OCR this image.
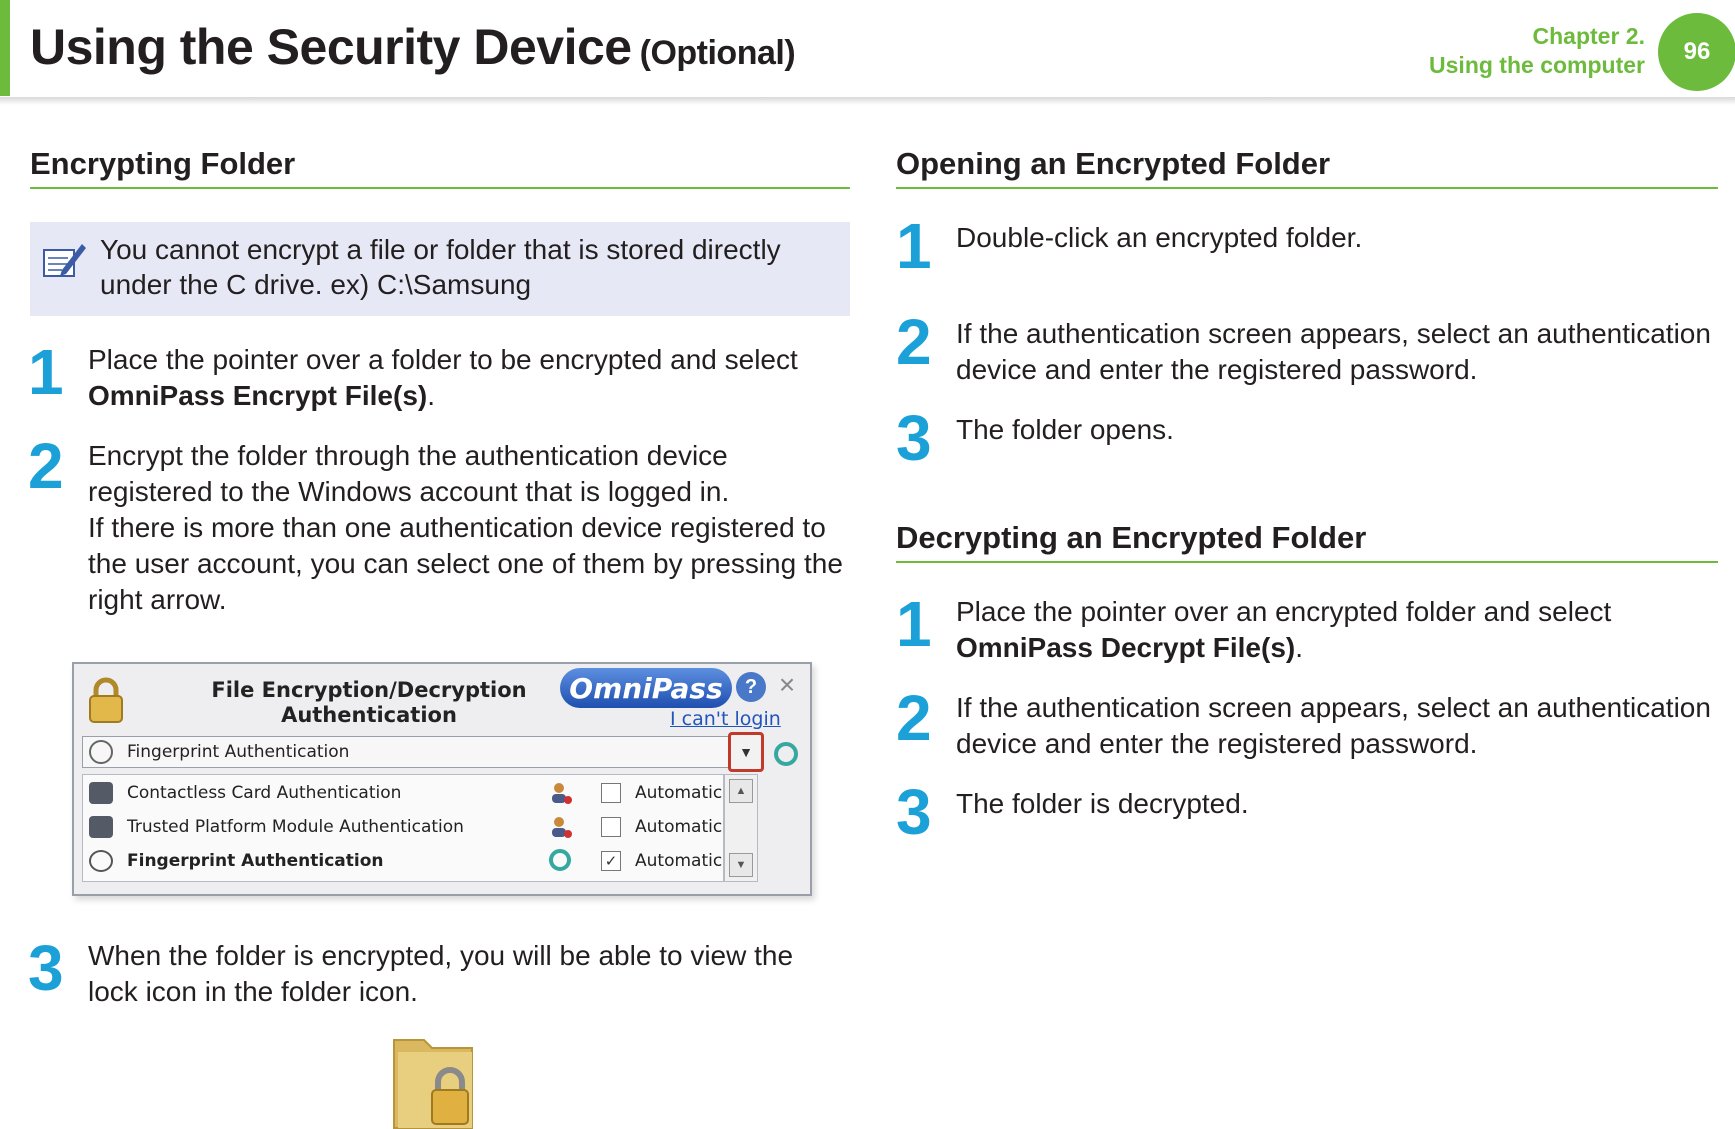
Using the Security Device (Optional)	Chapter 2.
Using the computer	96
Encrypting Folder
You cannot encrypt a file or folder that is stored directly under the C drive. ex) C:\Samsung
1 Place the pointer over a folder to be encrypted and select OmniPass Encrypt File(s).
2 Encrypt the folder through the authentication device registered to the Windows account that is logged in.
If there is more than one authentication device registered to the user account, you can select one of them by pressing the right arrow.
File Encryption/Decryption Authentication
OmniPass	? ×
I can't login
Fingerprint Authentication	▼
Contactless Card Authentication	Automatic
Trusted Platform Module Authentication	Automatic
Fingerprint Authentication	✓ Automatic
▲
▼
3 When the folder is encrypted, you will be able to view the lock icon in the folder icon.
Opening an Encrypted Folder
1 Double-click an encrypted folder.
2 If the authentication screen appears, select an authentication device and enter the registered password.
3 The folder opens.
Decrypting an Encrypted Folder
1 Place the pointer over an encrypted folder and select OmniPass Decrypt File(s).
2 If the authentication screen appears, select an authentication device and enter the registered password.
3 The folder is decrypted.
